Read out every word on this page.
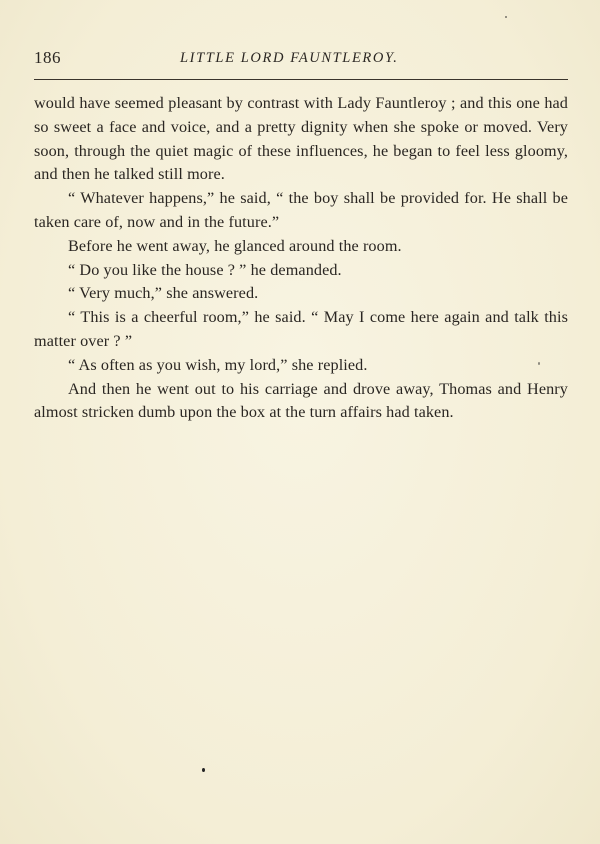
186	LITTLE LORD FAUNTLEROY.

would have seemed pleasant by contrast with Lady Fauntleroy ; and this one had so sweet a face and voice, and a pretty dignity when she spoke or moved. Very soon, through the quiet magic of these influences, he began to feel less gloomy, and then he talked still more.

“ Whatever happens,” he said, “ the boy shall be provided for. He shall be taken care of, now and in the future.”

Before he went away, he glanced around the room.

“ Do you like the house ? ” he demanded.

“ Very much,” she answered.

“ This is a cheerful room,” he said. “ May I come here again and talk this matter over ? ”

“ As often as you wish, my lord,” she replied.

And then he went out to his carriage and drove away, Thomas and Henry almost stricken dumb upon the box at the turn affairs had taken.
